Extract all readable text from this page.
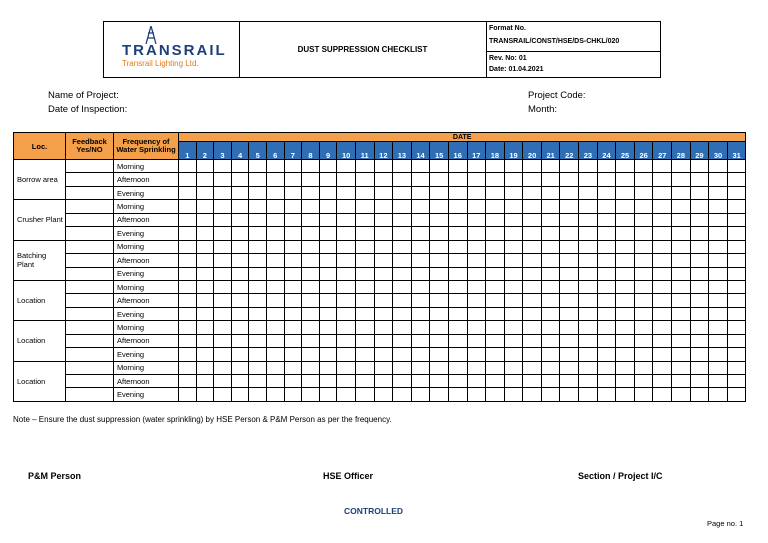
TRANSRAIL
Transrail Lighting Ltd.
DUST SUPPRESSION CHECKLIST
Format No.
TRANSRAIL/CONST/HSE/DS-CHKL/020
Rev. No: 01
Date: 01.04.2021
Name of Project:
Date of Inspection:
Project Code:
Month:
Loc.	Feedback Yes/NO	Frequency of Water Sprinkling	DATE																														
			1	2	3	4	5	6	7	8	9	10	11	12	13	14	15	16	17	18	19	20	21	22	23	24	25	26	27	28	29	30	31
Borrow area		Morning																															
		Afternoon																															
		Evening																															
Crusher Plant		Morning																															
		Afternoon																															
		Evening																															
Batching Plant		Morning																															
		Afternoon																															
		Evening																															
Location		Morning																															
		Afternoon																															
		Evening																															
Location		Morning																															
		Afternoon																															
		Evening																															
Location		Morning																															
		Afternoon																															
		Evening																															
Note – Ensure the dust suppression (water sprinkling) by HSE Person & P&M Person as per the frequency.
P&M Person	HSE Officer	Section / Project I/C
CONTROLLED
Page no. 1
